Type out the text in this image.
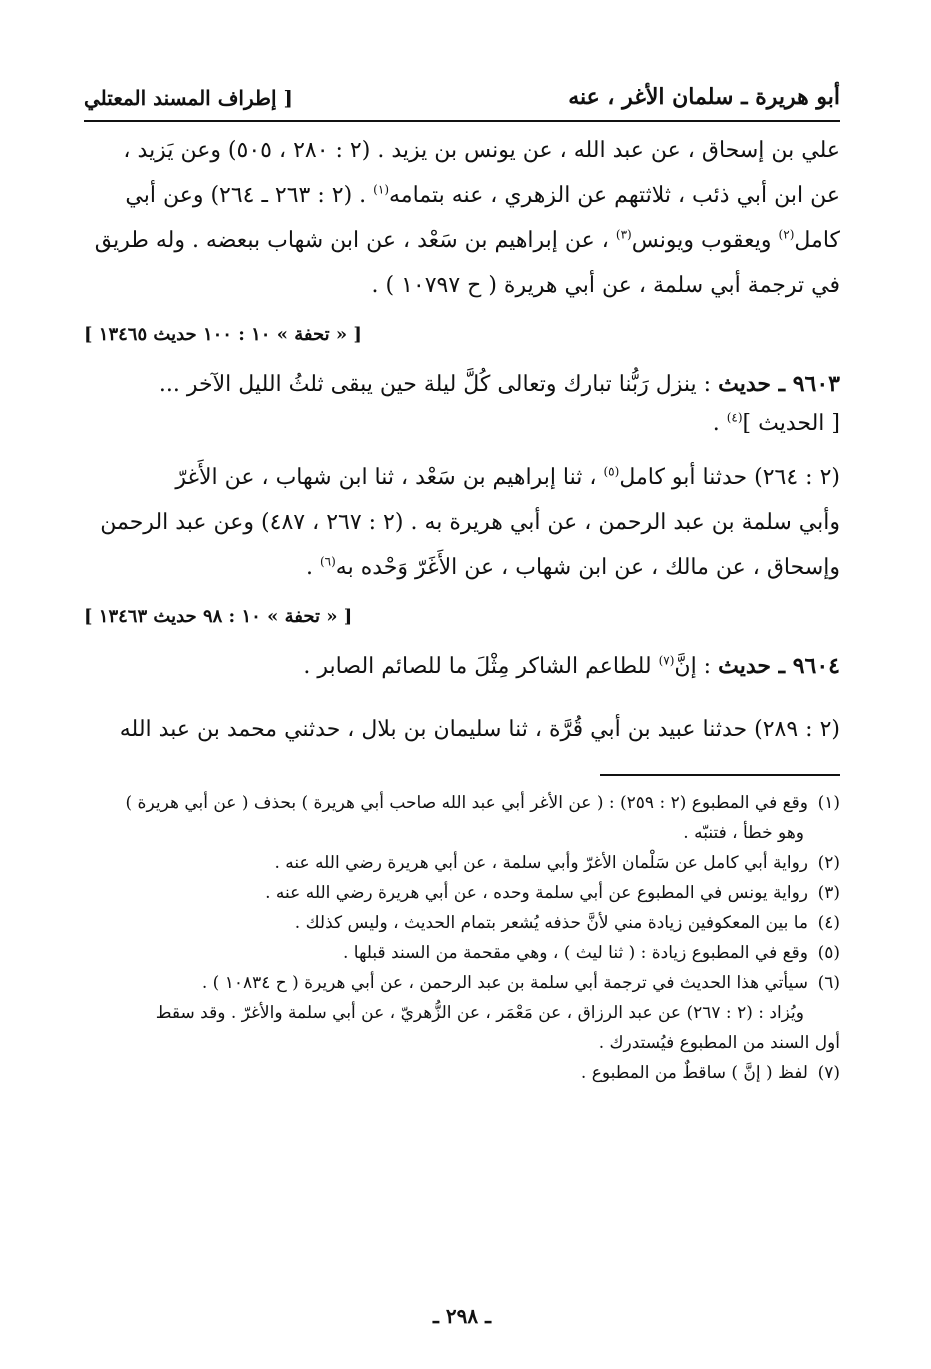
أبو هريرة ـ سلمان الأغر ، عنه
[ إطراف المسند المعتلي

علي بن إسحاق ، عن عبد الله ، عن يونس بن يزيد . (٢ : ٢٨٠ ، ٥٠٥) وعن يَزيد ،
عن ابن أبي ذئب ، ثلاثتهم عن الزهري ، عنه بتمامه$^{(١)}$ . (٢ : ٢٦٣ ـ ٢٦٤) وعن أبي
كامل$^{(٢)}$ ويعقوب ويونس$^{(٣)}$ ، عن إبراهيم بن سَعْد ، عن ابن شهاب ببعضه . وله طريق
في ترجمة أبي سلمة ، عن أبي هريرة ( ح ١٠٧٩٧ ) .

[ « تحفة » ١٠ : ١٠٠ حديث ١٣٤٦٥ ]

٩٦٠٣ ـ حديث : ينزل رَبُّنا تبارك وتعالى كُلَّ ليلة حين يبقى ثلثُ الليل الآخر ...

[ الحديث ]$^{(٤)}$ .

(٢ : ٢٦٤) حدثنا أبو كامل$^{(٥)}$ ، ثنا إبراهيم بن سَعْد ، ثنا ابن شهاب ، عن الأَغرّ
وأبي سلمة بن عبد الرحمن ، عن أبي هريرة به . (٢ : ٢٦٧ ، ٤٨٧) وعن عبد الرحمن
وإسحاق ، عن مالك ، عن ابن شهاب ، عن الأَغَرّ وَحْده به$^{(٦)}$ .

[ « تحفة » ١٠ : ٩٨ حديث ١٣٤٦٣ ]

٩٦٠٤ ـ حديث : إنَّ$^{(٧)}$ للطاعم الشاكر مِثْلَ ما للصائم الصابر .

(٢ : ٢٨٩) حدثنا عبيد بن أبي قُرَّة ، ثنا سليمان بن بلال ، حدثني محمد بن عبد الله

(١)وقع في المطبوع (٢ : ٢٥٩) : ( عن الأغر أبي عبد الله صاحب أبي هريرة ) بحذف ( عن أبي هريرة )
وهو خطأ ، فتنبّه .
(٢)رواية أبي كامل عن سَلْمان الأغرّ وأبي سلمة ، عن أبي هريرة رضي الله عنه .
(٣)رواية يونس في المطبوع عن أبي سلمة وحده ، عن أبي هريرة رضي الله عنه .
(٤)ما بين المعكوفين زيادة مني لأنَّ حذفه يُشعر بتمام الحديث ، وليس كذلك .
(٥)وقع في المطبوع زيادة : ( ثنا ليث ) ، وهي مقحمة من السند قبلها .
(٦)سيأتي هذا الحديث في ترجمة أبي سلمة بن عبد الرحمن ، عن أبي هريرة ( ح ١٠٨٣٤ ) .
ويُزاد : (٢ : ٢٦٧) عن عبد الرزاق ، عن مَعْمَر ، عن الزُّهريّ ، عن أبي سلمة والأغرّ . وقد سقط
أول السند من المطبوع فيُستدرك .
(٧)لفظ ( إنَّ ) ساقطٌ من المطبوع .
ـ ٢٩٨ ـ
